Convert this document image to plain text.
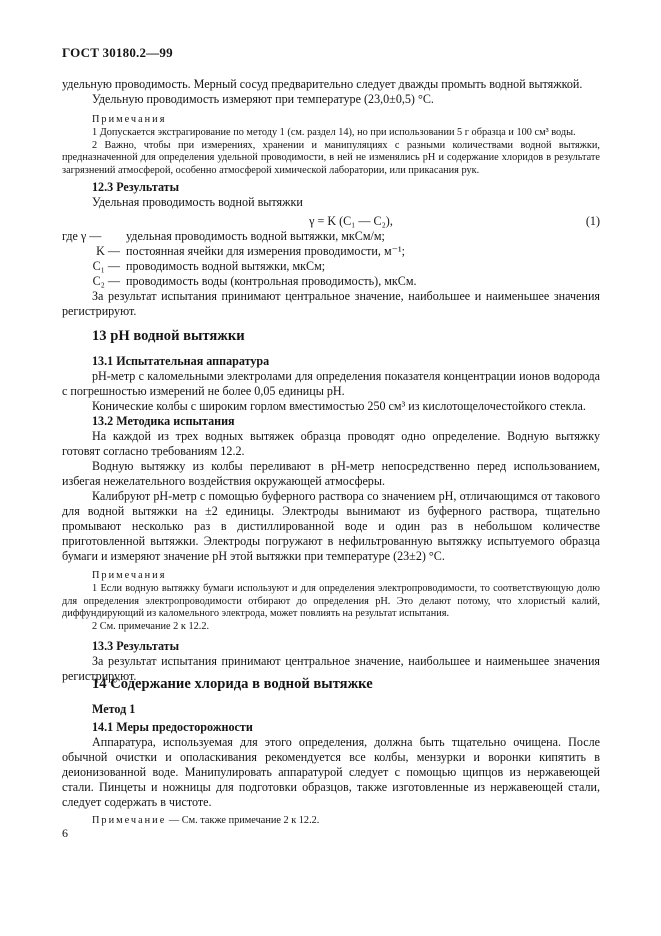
ГОСТ 30180.2—99

удельную проводимость. Мерный сосуд предварительно следует дважды промыть водной вытяжкой.

Удельную проводимость измеряют при температуре (23,0±0,5) °С.

Примечания

1 Допускается экстрагирование по методу 1 (см. раздел 14), но при использовании 5 г образца и 100 см³ воды.

2 Важно, чтобы при измерениях, хранении и манипуляциях с разными количествами водной вытяжки, предназначенной для определения удельной проводимости, в ней не изменялись рН и содержание хлоридов в результате загрязнений атмосферой, особенно атмосферой химической лаборатории, или прикасания рук.

12.3 Результаты

Удельная проводимость водной вытяжки

γ = K (C₁ — C₂),	(1)
где γ —	удельная проводимость водной вытяжки, мкСм/м;
K — постоянная ячейки для измерения проводимости, м⁻¹;
C₁ — проводимость водной вытяжки, мкСм;
C₂ — проводимость воды (контрольная проводимость), мкСм.

За результат испытания принимают центральное значение, наибольшее и наименьшее значения регистрируют.

13 рН водной вытяжки

13.1 Испытательная аппаратура

рН-метр с каломельными электролами для определения показателя концентрации ионов водорода с погрешностью измерений не более 0,05 единицы рН.

Конические колбы с широким горлом вместимостью 250 см³ из кислотощелочестойкого стекла.

13.2 Методика испытания

На каждой из трех водных вытяжек образца проводят одно определение. Водную вытяжку готовят согласно требованиям 12.2.

Водную вытяжку из колбы переливают в рН-метр непосредственно перед использованием, избегая нежелательного воздействия окружающей атмосферы.

Калибруют рН-метр с помощью буферного раствора со значением рН, отличающимся от такового для водной вытяжки на ±2 единицы. Электроды вынимают из буферного раствора, тщательно промывают несколько раз в дистиллированной воде и один раз в небольшом количестве приготовленной вытяжки. Электроды погружают в нефильтрованную вытяжку испытуемого образца бумаги и измеряют значение рН этой вытяжки при температуре (23±2) °С.

Примечания

1 Если водную вытяжку бумаги используют и для определения электропроводимости, то соответствующую долю для определения электропроводимости отбирают до определения рН. Это делают потому, что хлористый калий, диффундирующий из каломельного электрода, может повлиять на результат испытания.

2 См. примечание 2 к 12.2.

13.3 Результаты

За результат испытания принимают центральное значение, наибольшее и наименьшее значения регистрируют.

14 Содержание хлорида в водной вытяжке

Метод 1

14.1 Меры предосторожности

Аппаратура, используемая для этого определения, должна быть тщательно очищена. После обычной очистки и ополаскивания рекомендуется все колбы, мензурки и воронки кипятить в деионизованной воде. Манипулировать аппаратурой следует с помощью щипцов из нержавеющей стали. Пинцеты и ножницы для подготовки образцов, также изготовленные из нержавеющей стали, следует содержать в чистоте.

Примечание — См. также примечание 2 к 12.2.

6
